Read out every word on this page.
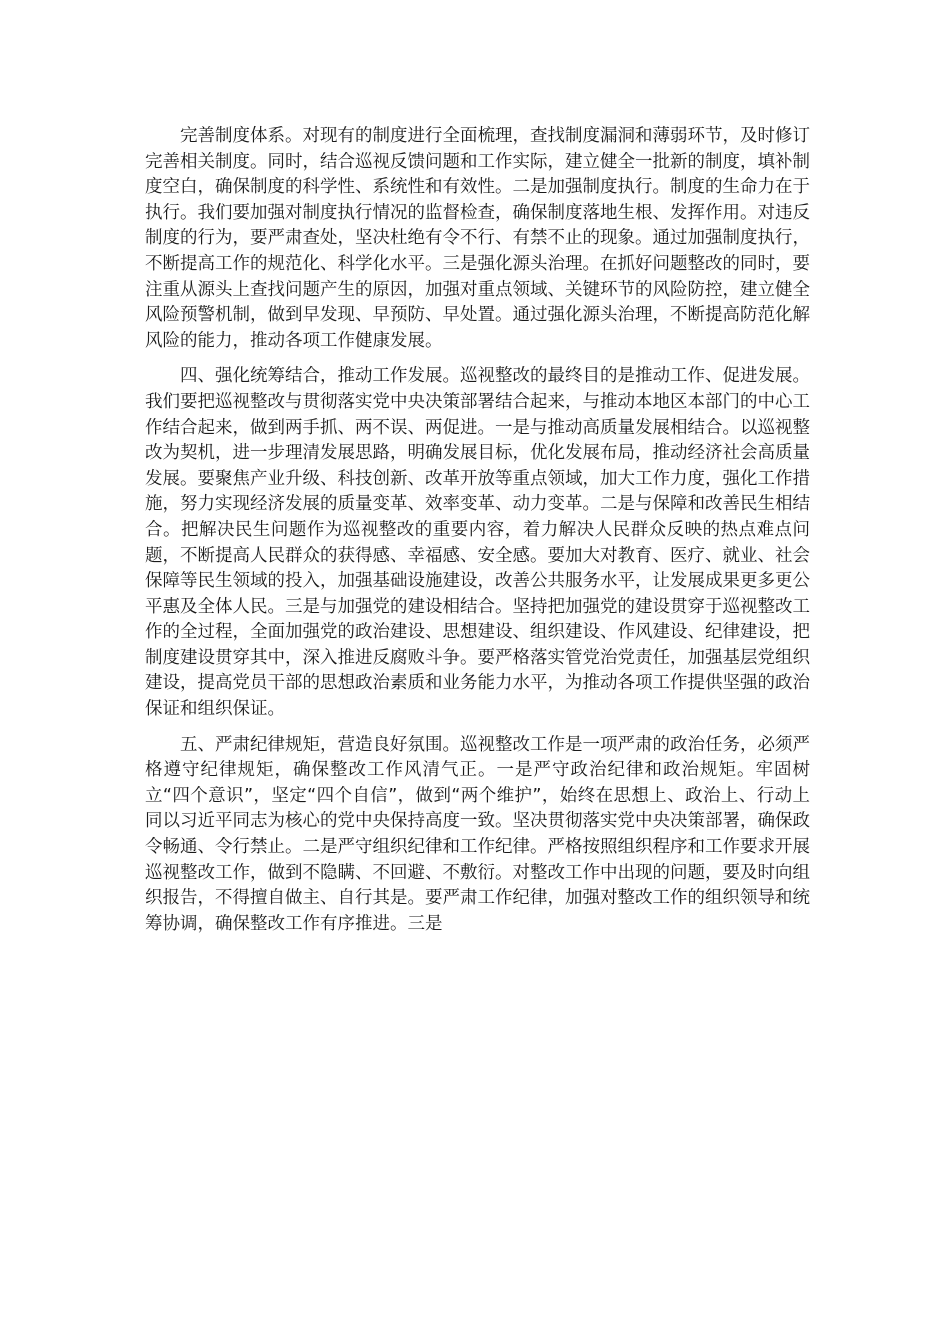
完善制度体系。对现有的制度进行全面梳理，查找制度漏洞和薄弱环节，及时修订完善相关制度。同时，结合巡视反馈问题和工作实际，建立健全一批新的制度，填补制度空白，确保制度的科学性、系统性和有效性。二是加强制度执行。制度的生命力在于执行。我们要加强对制度执行情况的监督检查，确保制度落地生根、发挥作用。对违反制度的行为，要严肃查处，坚决杜绝有令不行、有禁不止的现象。通过加强制度执行，不断提高工作的规范化、科学化水平。三是强化源头治理。在抓好问题整改的同时，要注重从源头上查找问题产生的原因，加强对重点领域、关键环节的风险防控，建立健全风险预警机制，做到早发现、早预防、早处置。通过强化源头治理，不断提高防范化解风险的能力，推动各项工作健康发展。

四、强化统筹结合，推动工作发展。巡视整改的最终目的是推动工作、促进发展。我们要把巡视整改与贯彻落实党中央决策部署结合起来，与推动本地区本部门的中心工作结合起来，做到两手抓、两不误、两促进。一是与推动高质量发展相结合。以巡视整改为契机，进一步理清发展思路，明确发展目标，优化发展布局，推动经济社会高质量发展。要聚焦产业升级、科技创新、改革开放等重点领域，加大工作力度，强化工作措施，努力实现经济发展的质量变革、效率变革、动力变革。二是与保障和改善民生相结合。把解决民生问题作为巡视整改的重要内容，着力解决人民群众反映的热点难点问题，不断提高人民群众的获得感、幸福感、安全感。要加大对教育、医疗、就业、社会保障等民生领域的投入，加强基础设施建设，改善公共服务水平，让发展成果更多更公平惠及全体人民。三是与加强党的建设相结合。坚持把加强党的建设贯穿于巡视整改工作的全过程，全面加强党的政治建设、思想建设、组织建设、作风建设、纪律建设，把制度建设贯穿其中，深入推进反腐败斗争。要严格落实管党治党责任，加强基层党组织建设，提高党员干部的思想政治素质和业务能力水平，为推动各项工作提供坚强的政治保证和组织保证。

五、严肃纪律规矩，营造良好氛围。巡视整改工作是一项严肃的政治任务，必须严格遵守纪律规矩，确保整改工作风清气正。一是严守政治纪律和政治规矩。牢固树立“四个意识”，坚定“四个自信”，做到“两个维护”，始终在思想上、政治上、行动上同以习近平同志为核心的党中央保持高度一致。坚决贯彻落实党中央决策部署，确保政令畅通、令行禁止。二是严守组织纪律和工作纪律。严格按照组织程序和工作要求开展巡视整改工作，做到不隐瞒、不回避、不敷衍。对整改工作中出现的问题，要及时向组织报告，不得擅自做主、自行其是。要严肃工作纪律，加强对整改工作的组织领导和统筹协调，确保整改工作有序推进。三是
